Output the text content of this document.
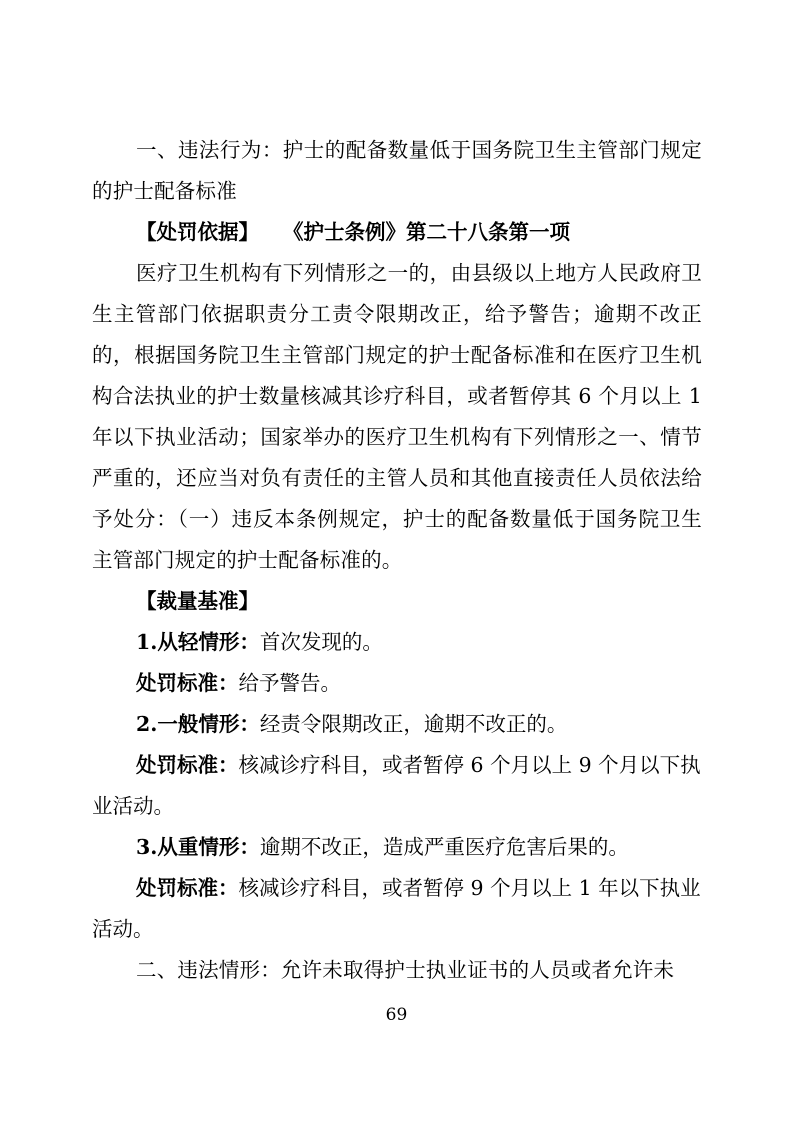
一、违法行为：护士的配备数量低于国务院卫生主管部门规定的护士配备标准

【处罚依据】 《护士条例》第二十八条第一项

医疗卫生机构有下列情形之一的，由县级以上地方人民政府卫生主管部门依据职责分工责令限期改正，给予警告；逾期不改正的，根据国务院卫生主管部门规定的护士配备标准和在医疗卫生机构合法执业的护士数量核减其诊疗科目，或者暂停其 6 个月以上 1 年以下执业活动；国家举办的医疗卫生机构有下列情形之一、情节严重的，还应当对负有责任的主管人员和其他直接责任人员依法给予处分：（一）违反本条例规定，护士的配备数量低于国务院卫生主管部门规定的护士配备标准的。

【裁量基准】

1.从轻情形：首次发现的。

处罚标准：给予警告。

2.一般情形：经责令限期改正，逾期不改正的。

处罚标准：核减诊疗科目，或者暂停 6 个月以上 9 个月以下执业活动。

3.从重情形：逾期不改正，造成严重医疗危害后果的。

处罚标准：核减诊疗科目，或者暂停 9 个月以上 1 年以下执业活动。

二、违法情形：允许未取得护士执业证书的人员或者允许未

69
